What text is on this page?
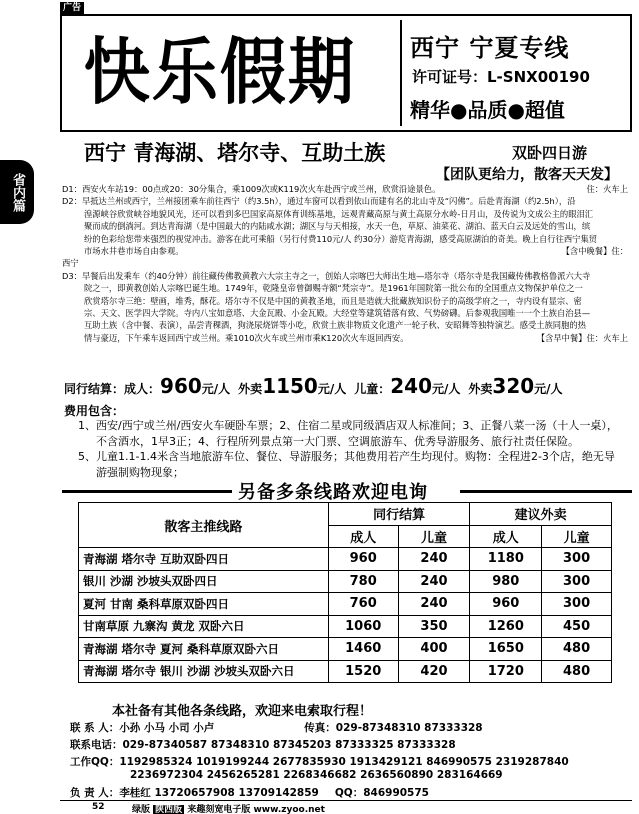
广告
省内篇
快乐假期	西宁 宁夏专线
许可证号：L-SNX00190
精华●品质●超值
西宁 青海湖、塔尔寺、互助土族	双卧四日游
【团队更给力，散客天天发】
D1：西安火车站19：00点或20：30分集合，乘1009次或K119次火车赴西宁或兰州，欣赏沿途景色。	住：火车上
D2：早抵达兰州或西宁，兰州接团乘车前往西宁（约3.5h），通过车窗可以看到依山而建有名的北山寺及“闪佛”。后赴青海湖（约2.5h），沿
湟源峡谷欣赏峡谷地貌风光，还可以看到多巴国家高原体育训练基地，远观青藏高原与黄土高原分水岭-日月山，及传说为文成公主的眼泪汇
聚而成的倒淌河。到达青海湖（是中国最大的内陆咸水湖；湖区与与天相接，水天一色，草原、油菜花、湖泊、蓝天白云及远处的雪山，缤
纷的色彩给您带来强烈的视觉冲击。游客在此可乘船（另行付费110元/人 约30分）游览青海湖，感受高原湖泊的奇美。晚上自行往西宁集贸
市场水井巷市场自由参观。	【含中晚餐】住：
西宁
D3：早餐后出发乘车（约40分钟）前往藏传佛教黄教六大宗主寺之一，创始人宗喀巴大师出生地—塔尔寺（塔尔寺是我国藏传佛教格鲁派六大寺
院之一，即黄教创始人宗喀巴诞生地。1749年，乾隆皇帝曾御赐寺额“梵宗寺”。是1961年国院第一批公布的全国重点文物保护单位之一
欣赏塔尔寺三绝：壁画，堆秀，酥花。塔尔寺不仅是中国的黄教圣地，而且是造就大批藏族知识份子的高级学府之一，寺内设有显宗、密
宗、天文、医学四大学院。寺内八宝如意塔、大金瓦殿、小金瓦殿。大经堂等建筑错落有致、气势磅礴。后参观我国唯一一个土族自治县—
互助土族（含中餐、表演），品尝青稞酒，狗浇尿烧饼等小吃，欣赏土族非物质文化遗产一轮子秋、安昭舞等独特演艺。感受土族同胞的热
情与豪迈，下午乘车返回西宁或兰州。乘1010次火车或兰州市乘K120次火车返回西安。	【含早中餐】住：火车上
同行结算：成人：960元/人 外卖1150元/人 儿童：240元/人 外卖320元/人
费用包含：
1、西安/西宁或兰州/西安火车硬卧车票；2、住宿二星或同级酒店双人标准间；3、正餐八菜一汤（十人一桌），
不含酒水，1早3正；4、行程所列景点第一大门票、空调旅游车、优秀导游服务、旅行社责任保险。
5、儿童1.1-1.4米含当地旅游车位、餐位、导游服务；其他费用若产生均现付。购物：全程进2-3个店，绝无导
游强制购物现象；
另备多条线路欢迎电询
散客主推线路	同行结算		建议外卖	
	成人	儿童	成人	儿童
青海湖 塔尔寺 互助双卧四日	960	240	1180	300
银川 沙湖 沙坡头双卧四日	780	240	980	300
夏河 甘南 桑科草原双卧四日	760	240	960	300
甘南草原 九寨沟 黄龙 双卧六日	1060	350	1260	450
青海湖 塔尔寺 夏河 桑科草原双卧六日	1460	400	1650	480
青海湖 塔尔寺 银川 沙湖 沙坡头双卧六日	1520	420	1720	480
本社备有其他各条线路，欢迎来电索取行程！
联 系 人：小孙 小马 小司 小卢	传真：029-87348310 87333328
联系电话：029-87340587 87348310 87345203 87333325 87333328
工作QQ：1192985324 1019199244 2677835930 1913429121 846990575 2319287840
2236972304 2456265281 2268346682 2636560890 283164669
负 责 人：李桂红 13720657908 13709142859 QQ：846990575
52	绿版 陕西版 来趣刻宽电子版 www.zyoo.net
